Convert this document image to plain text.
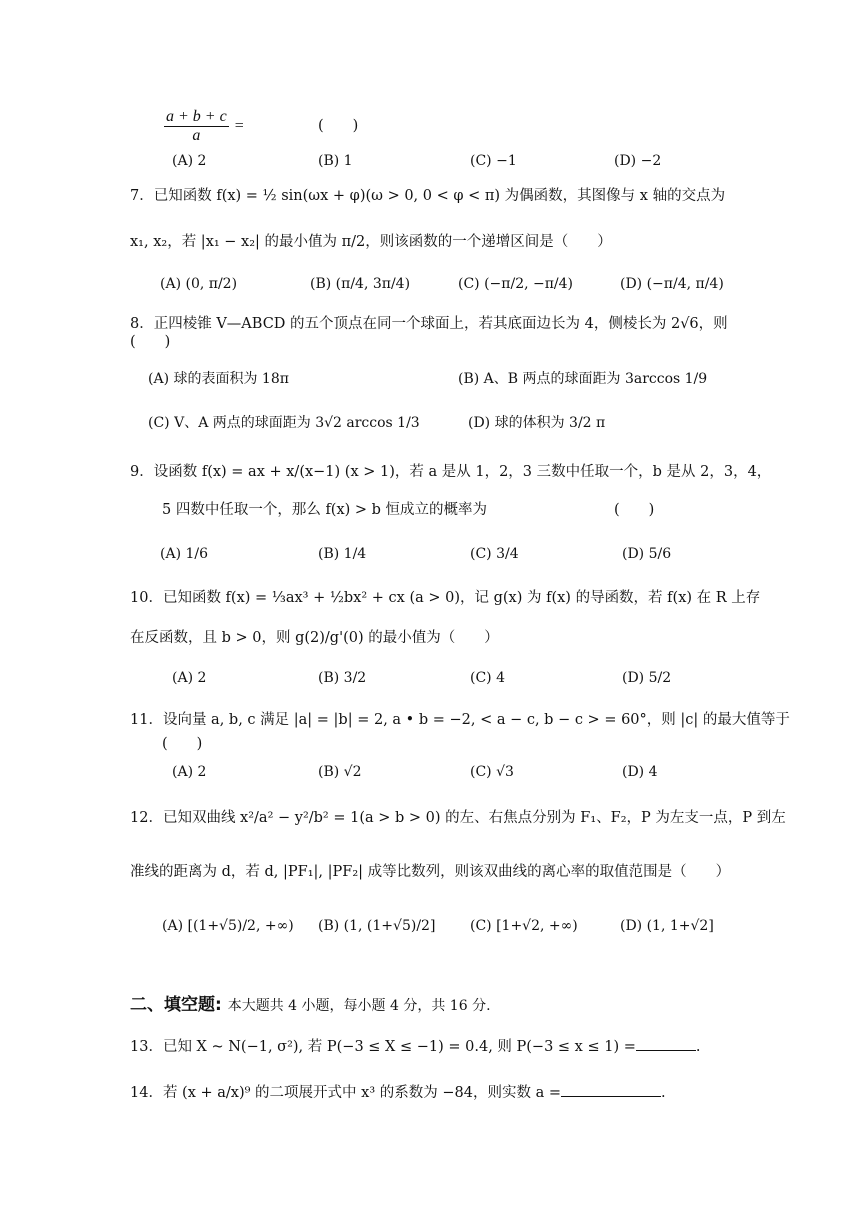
$\frac{a + b + c}{a}$ =	(　　)
(A) 2	(B) 1	(C) −1	(D) −2
7．已知函数 f(x) = ½ sin(ωx + φ)(ω > 0, 0 < φ < π) 为偶函数，其图像与 x 轴的交点为
x₁, x₂，若 |x₁ − x₂| 的最小值为 π/2，则该函数的一个递增区间是（　　）
(A) (0, π/2)	(B) (π/4, 3π/4)	(C) (−π/2, −π/4)	(D) (−π/4, π/4)
8．正四棱锥 V—ABCD 的五个顶点在同一个球面上，若其底面边长为 4，侧棱长为 2√6，则
(　　)
(A) 球的表面积为 18π	(B) A、B 两点的球面距为 3arccos 1/9
(C) V、A 两点的球面距为 3√2 arccos 1/3	(D) 球的体积为 3/2 π
9．设函数 f(x) = ax + x/(x−1) (x > 1)，若 a 是从 1，2，3 三数中任取一个，b 是从 2，3，4，
5 四数中任取一个，那么 f(x) > b 恒成立的概率为	(　　)
(A) 1/6	(B) 1/4	(C) 3/4	(D) 5/6
10．已知函数 f(x) = ⅓ax³ + ½bx² + cx (a > 0)，记 g(x) 为 f(x) 的导函数，若 f(x) 在 R 上存
在反函数，且 b > 0，则 g(2)/g'(0) 的最小值为（　　）
(A) 2	(B) 3/2	(C) 4	(D) 5/2
11．设向量 a, b, c 满足 |a| = |b| = 2, a • b = −2, < a − c, b − c > = 60°，则 |c| 的最大值等于
(　　)
(A) 2	(B) √2	(C) √3	(D) 4
12．已知双曲线 x²/a² − y²/b² = 1(a > b > 0) 的左、右焦点分别为 F₁、F₂，P 为左支一点，P 到左
准线的距离为 d，若 d, |PF₁|, |PF₂| 成等比数列，则该双曲线的离心率的取值范围是（　　）
(A) [(1+√5)/2, +∞) (B) (1, (1+√5)/2] (C) [1+√2, +∞)	(D) (1, 1+√2]
二、填空题: 本大题共 4 小题，每小题 4 分，共 16 分.
13．已知 X ~ N(−1, σ²), 若 P(−3 ≤ X ≤ −1) = 0.4, 则 P(−3 ≤ x ≤ 1) =	.
14．若 (x + a/x)⁹ 的二项展开式中 x³ 的系数为 −84，则实数 a =	.
